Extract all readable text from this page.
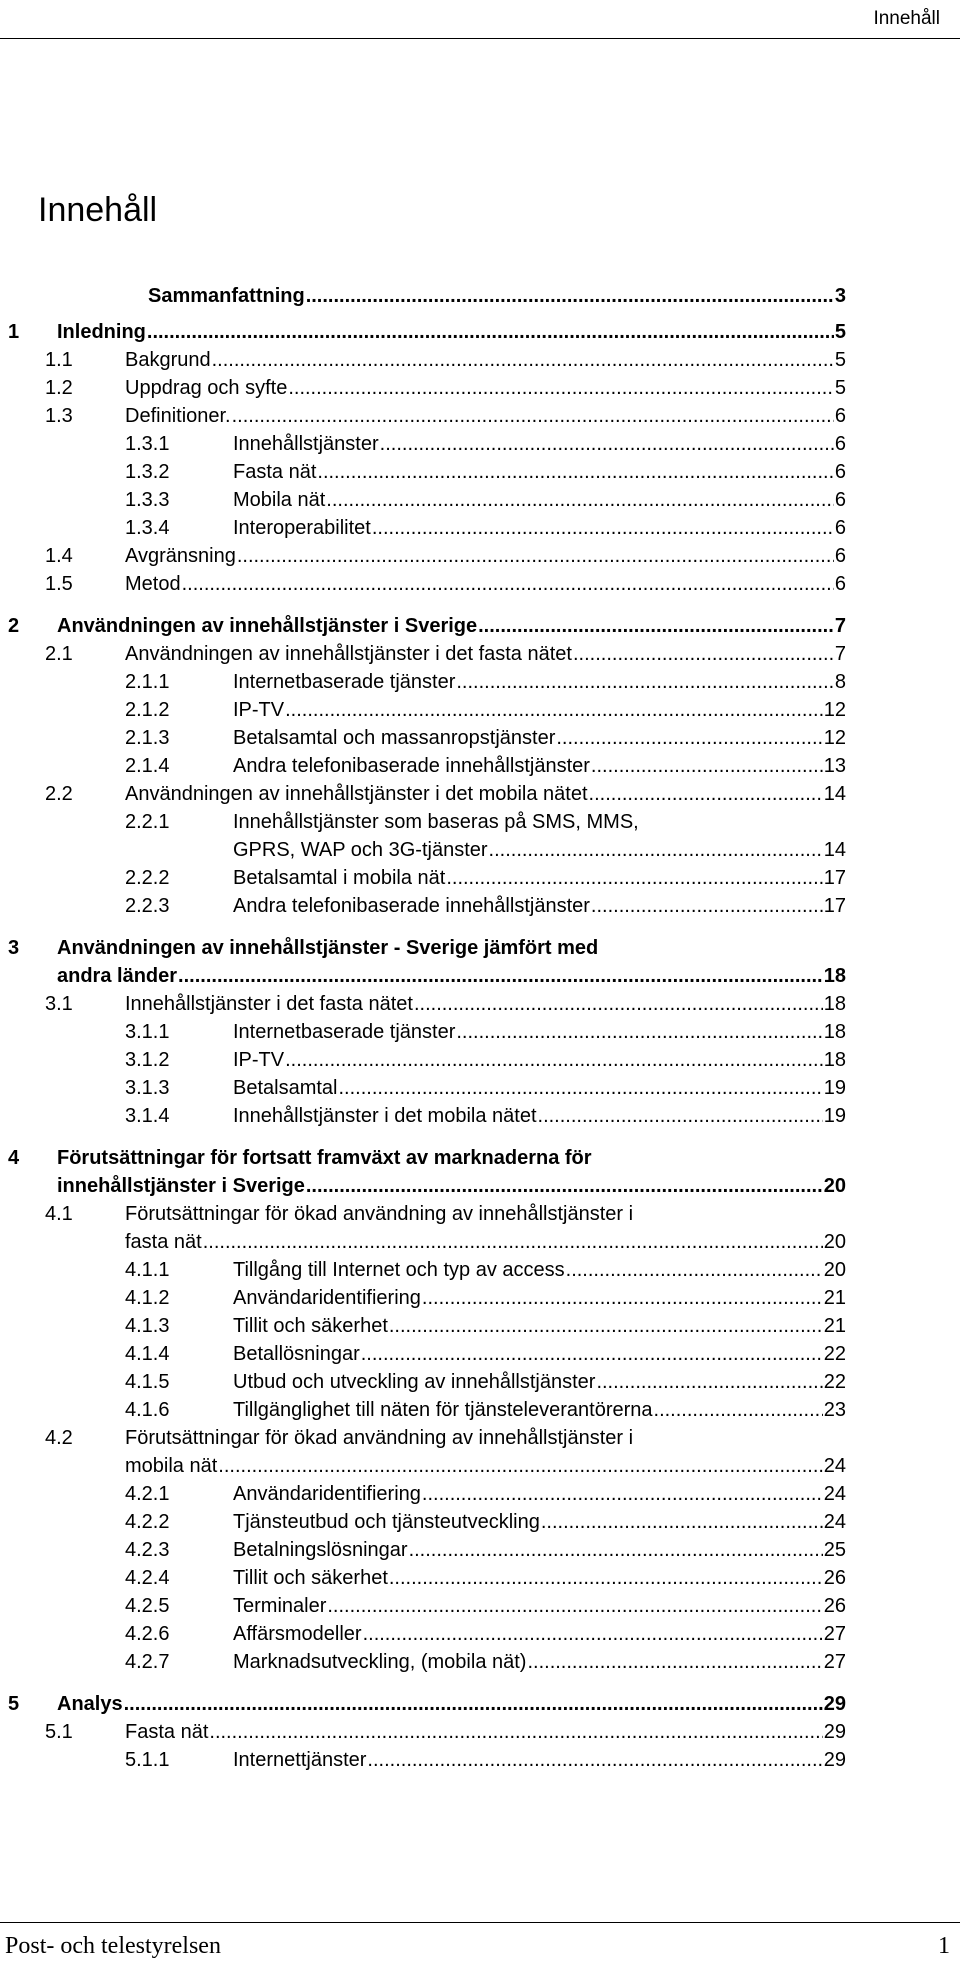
Innehåll
Innehåll
Sammanfattning .....	3
1 Inledning .....	5
1.1	Bakgrund .....	5
1.2	Uppdrag och syfte .....	5
1.3	Definitioner. .....	6
1.3.1	Innehållstjänster .....	6
1.3.2	Fasta nät .....	6
1.3.3	Mobila nät .....	6
1.3.4	Interoperabilitet .....	6
1.4	Avgränsning .....	6
1.5	Metod .....	6
2 Användningen av innehållstjänster i Sverige .....	7
2.1	Användningen av innehållstjänster i det fasta nätet .....	7
2.1.1	Internetbaserade tjänster .....	8
2.1.2	IP-TV .....	12
2.1.3	Betalsamtal och massanropstjänster .....	12
2.1.4	Andra telefonibaserade innehållstjänster .....	13
2.2	Användningen av innehållstjänster i det mobila nätet .....	14
2.2.1	Innehållstjänster som baseras på SMS, MMS,
GPRS, WAP och 3G-tjänster .....	14
2.2.2	Betalsamtal i mobila nät .....	17
2.2.3	Andra telefonibaserade innehållstjänster .....	17
3 Användningen av innehållstjänster - Sverige jämfört med
andra länder .....	18
3.1	Innehållstjänster i det fasta nätet .....	18
3.1.1	Internetbaserade tjänster .....	18
3.1.2	IP-TV .....	18
3.1.3	Betalsamtal .....	19
3.1.4	Innehållstjänster i det mobila nätet .....	19
4 Förutsättningar för fortsatt framväxt av marknaderna för
innehållstjänster i Sverige .....	20
4.1	Förutsättningar för ökad användning av innehållstjänster i
fasta nät .....	20
4.1.1	Tillgång till Internet och typ av access .....	20
4.1.2	Användaridentifiering .....	21
4.1.3	Tillit och säkerhet .....	21
4.1.4	Betallösningar .....	22
4.1.5	Utbud och utveckling av innehållstjänster .....	22
4.1.6	Tillgänglighet till näten för tjänsteleverantörerna .....	23
4.2	Förutsättningar för ökad användning av innehållstjänster i
mobila nät .....	24
4.2.1	Användaridentifiering .....	24
4.2.2	Tjänsteutbud och tjänsteutveckling .....	24
4.2.3	Betalningslösningar .....	25
4.2.4	Tillit och säkerhet .....	26
4.2.5	Terminaler .....	26
4.2.6	Affärsmodeller .....	27
4.2.7	Marknadsutveckling, (mobila nät) .....	27
5 Analys .....	29
5.1	Fasta nät .....	29
5.1.1	Internettjänster .....	29
Post- och telestyrelsen	1
